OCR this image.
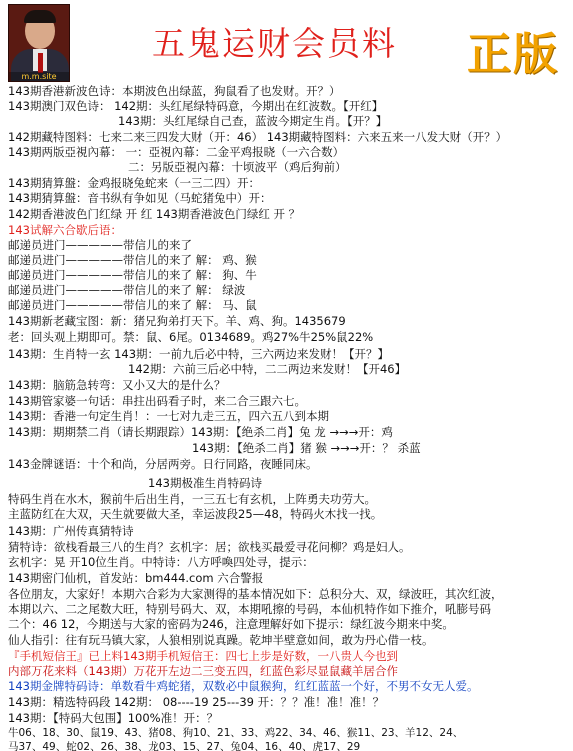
m.m.site
五鬼运财会员料 正版
143期香港新波色诗：本期波色出绿蓝，狗鼠看了也发财。开？）
143期澳门双色诗： 142期：头红尾绿特码意，今期出在红波数。【开红】
143期：头红尾绿自己查，蓝波今期定生肖。【开？】
142期藏特图料：七来二来三四发大财（开：46） 143期藏特图料：六来五来一八发大财（开？）
143期两版亞視內幕： 一：亞視內幕：二金平鸡报晓（一六合数）
二：另版亞視內幕：十顷波平（鸡后狗前）
143期猜算盤：金鸡报晓兔蛇来（一三二四）开：
143期猜算盤：音书纵有争如见（马蛇猪兔中）开：
142期香港波色门红绿 开 红 143期香港波色门绿红 开 ？
143试解六合歇后语：
邮递员进门—————带信儿的来了
邮递员进门—————带信儿的来了 解： 鸡、猴
邮递员进门—————带信儿的来了 解： 狗、牛
邮递员进门—————带信儿的来了 解： 绿波
邮递员进门—————带信儿的来了 解： 马、鼠
143期新老藏宝图：新：猪兄狗弟打天下。羊、鸡、狗。1435679
老：回头观上期即可。禁：鼠、6尾。0134689。鸡27%牛25%鼠22%
143期：生肖特一玄 143期：一前九后必中特，三六两边来发财！【开？】
142期：六前三后必中特，二二两边来发财！【开46】
143期：脑筋急转弯：又小又大的是什么？
143期管家婆一句话：串拄出码看子时，来二合三跟六七。
143期：香港一句定生肖！：一七对九走三五，四六五八到本期
143期：期期禁二肖（请长期跟踪）143期：【绝杀二肖】兔 龙 →→→开：鸡
143期：【绝杀二肖】猪 猴 →→→开：？ 杀蓝
143金牌谜语：十个和尚，分居两旁。日行同路，夜睡同床。
143期极准生肖特码诗
特码生肖在水木，猴前牛后出生肖，一三五七有玄机，上阵勇夫功劳大。
主蓝防红在大双，天生就要做大圣，幸运波段25—48，特码火木找一找。
143期：广州传真猜特诗
猜特诗：欲栈看最三八的生肖？玄机字：居；欲栈买最爱寻花问柳？鸡是妇人。
玄机字：晃 开10位生肖。中特诗：八方呼喚四处寻，提示：
143期密门仙机，首发站：bm444.com 六合警报
各位朋友，大家好！本期六合彩为大家测得的基本情况如下：总积分大、双，绿波旺，其次红波，
本期以六、二之尾数大旺，特别号码大、双，本期吼擦的号码，本仙机特作如下推介，吼膨号码
二个：46 12，今期送与大家的密码为246，注意理解好如下提示：绿红波今期来中奖。
仙人指引：往有玩马镇大家，人狼相别说真躁。乾坤半壁意如间，敢为丹心借一枝。
『手机短信王』已上料143期手机短信王：四七上步是好数，一八贵人今也到
内部万花来料（143期）万花开左边二三变五四，红蓝色彩尽显鼠藏羊居合作
143期金牌特码诗：单数看牛鸡蛇猪，双数必中鼠猴狗，红红蓝蓝一个好，不男不女无人爱。
143期：精选特码段 142期： 08----19 25---39 开：？？准！准！准！？
143期：【特码大包围】100%准！开：？
牛06、18、30、鼠19、43、猪08、狗10、21、33、鸡22、34、46、猴11、23、羊12、24、
马37、49、蛇02、26、38、龙03、15、27、兔04、16、40、虎17、29
